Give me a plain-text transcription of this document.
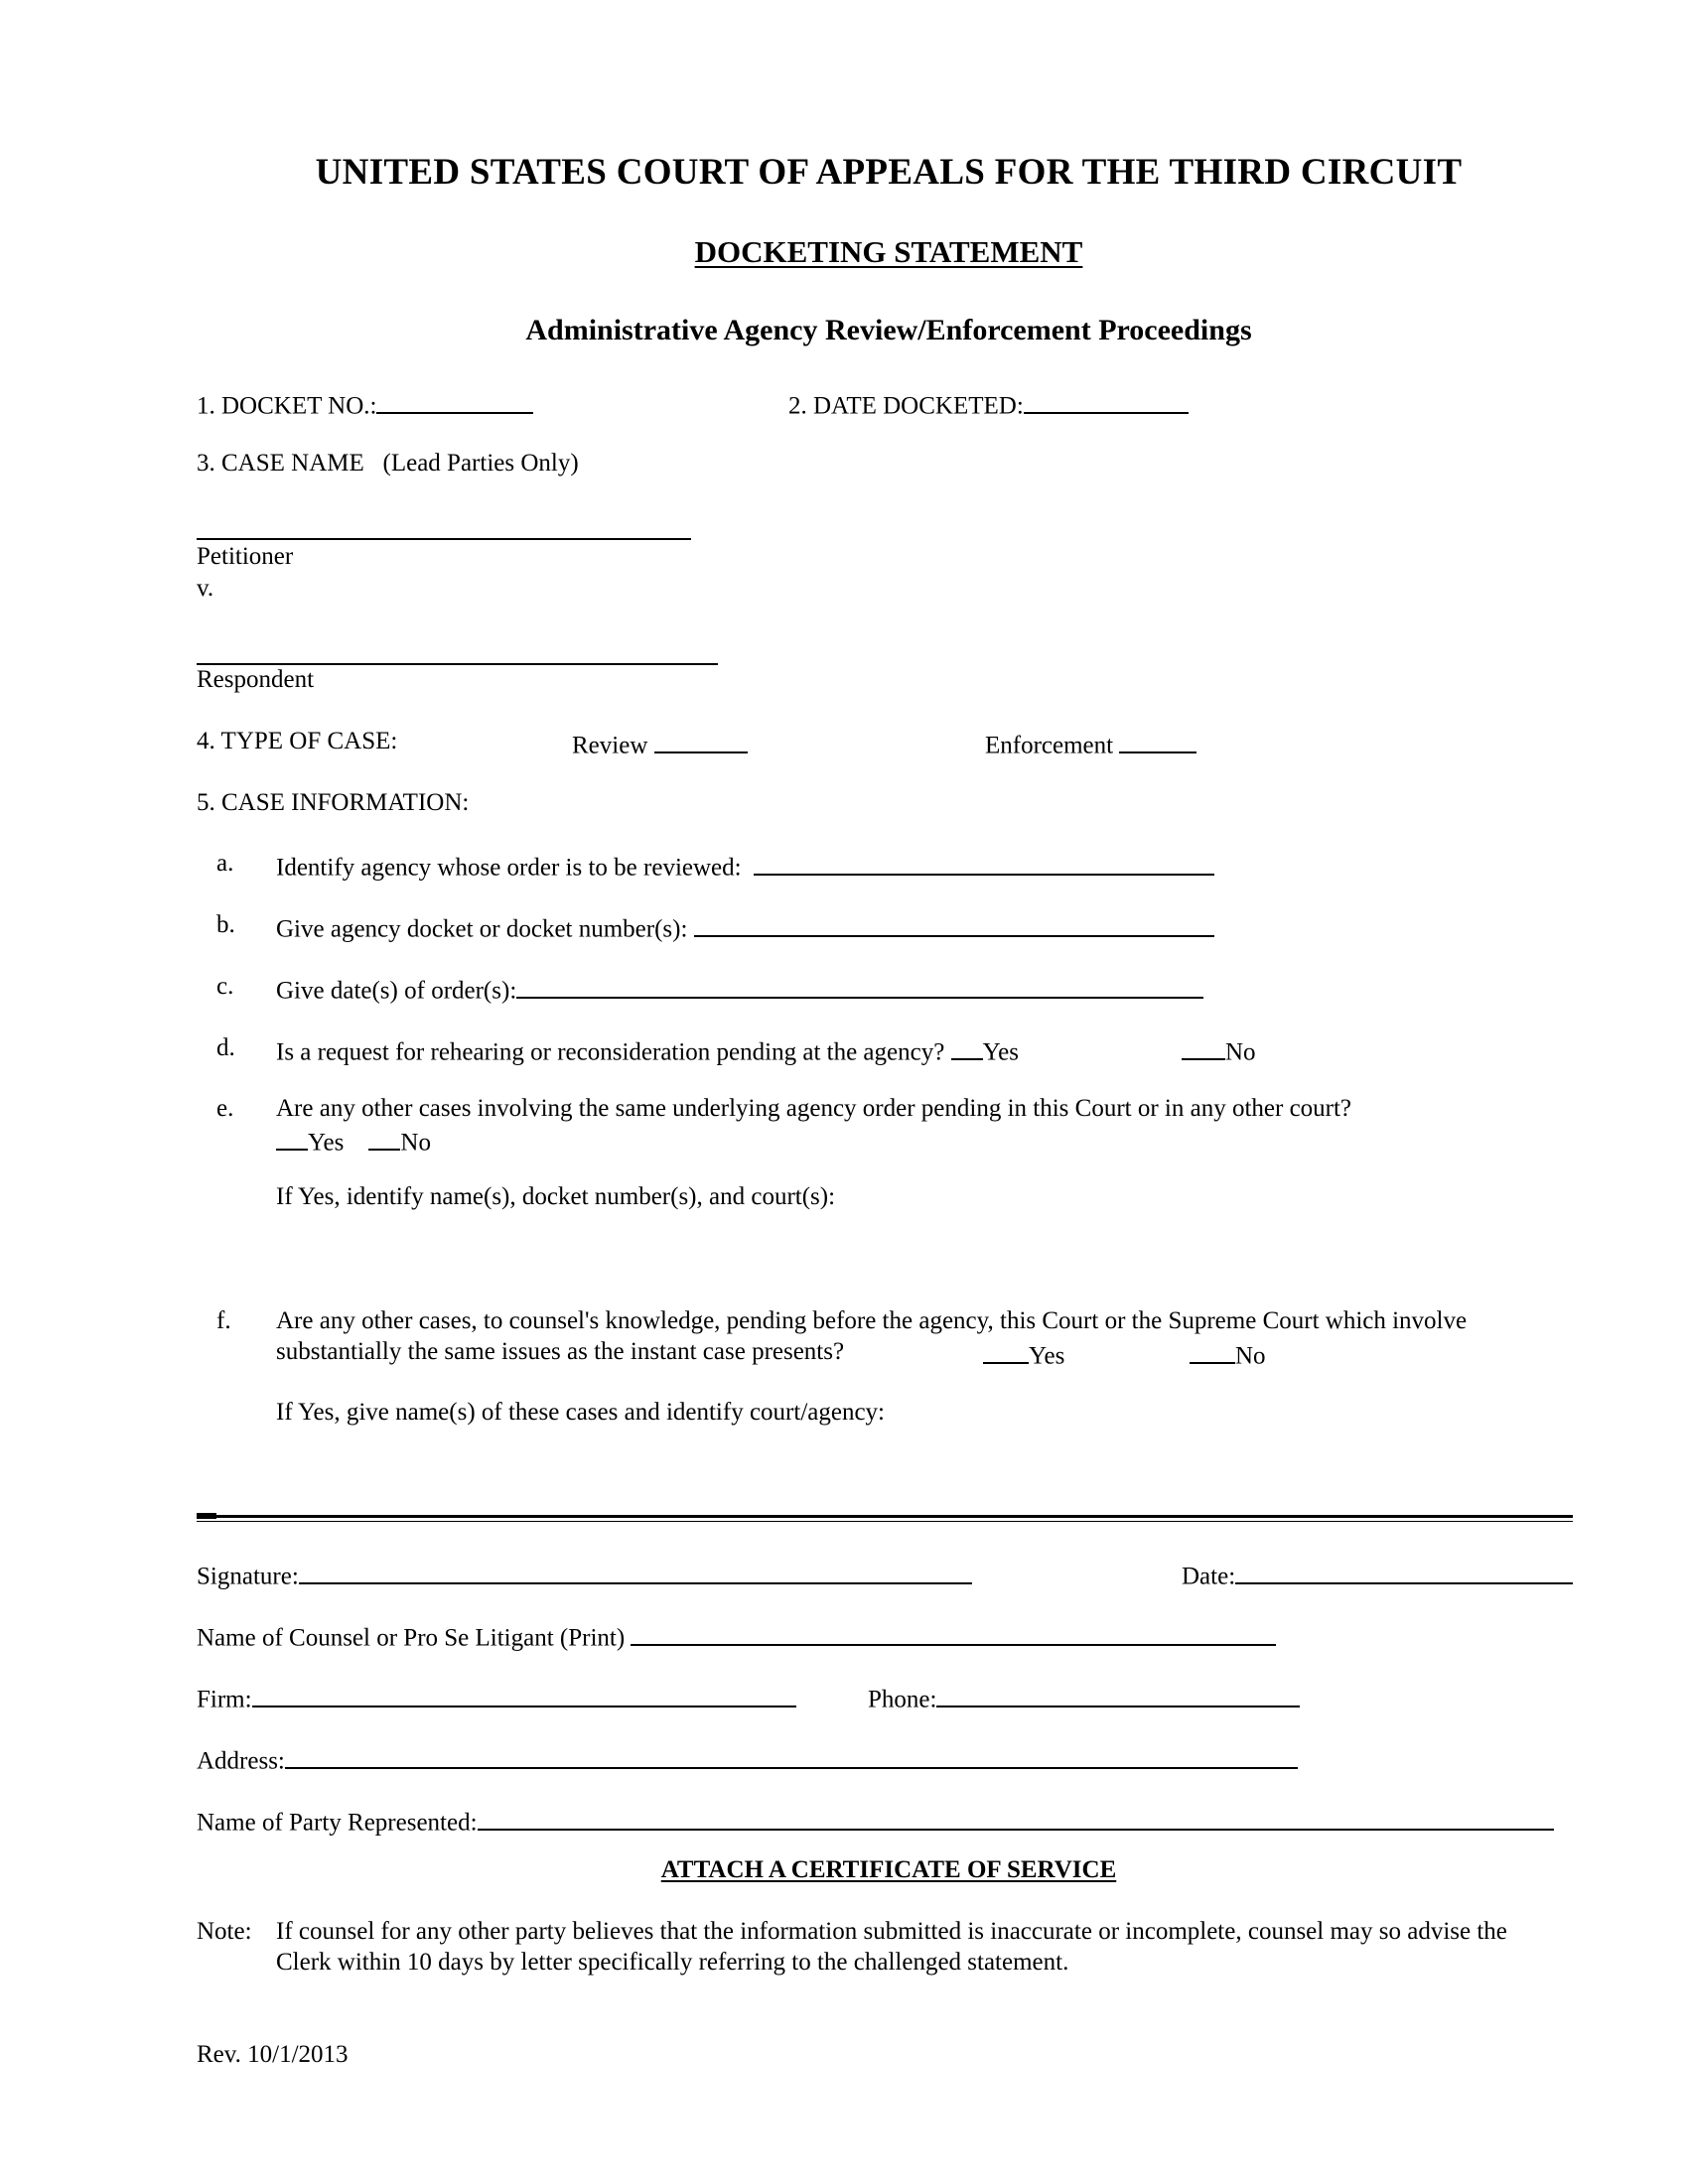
UNITED STATES COURT OF APPEALS FOR THE THIRD CIRCUIT
DOCKETING STATEMENT
Administrative Agency Review/Enforcement Proceedings
1. DOCKET NO.:	2. DATE DOCKETED:
3. CASE NAME (Lead Parties Only)
Petitioner
v.
Respondent
4. TYPE OF CASE:	Review	Enforcement
5. CASE INFORMATION:
a. Identify agency whose order is to be reviewed:
b. Give agency docket or docket number(s):
c. Give date(s) of order(s):
d. Is a request for rehearing or reconsideration pending at the agency? Yes	No
e. Are any other cases involving the same underlying agency order pending in this Court or in any other court?
Yes No
If Yes, identify name(s), docket number(s), and court(s):
f. Are any other cases, to counsel's knowledge, pending before the agency, this Court or the Supreme Court which involve
substantially the same issues as the instant case presents?	Yes	No
If Yes, give name(s) of these cases and identify court/agency:
Signature:	Date:
Name of Counsel or Pro Se Litigant (Print)
Firm:	Phone:
Address:
Name of Party Represented:
ATTACH A CERTIFICATE OF SERVICE
Note: If counsel for any other party believes that the information submitted is inaccurate or incomplete, counsel may so advise the
Clerk within 10 days by letter specifically referring to the challenged statement.
Rev. 10/1/2013
